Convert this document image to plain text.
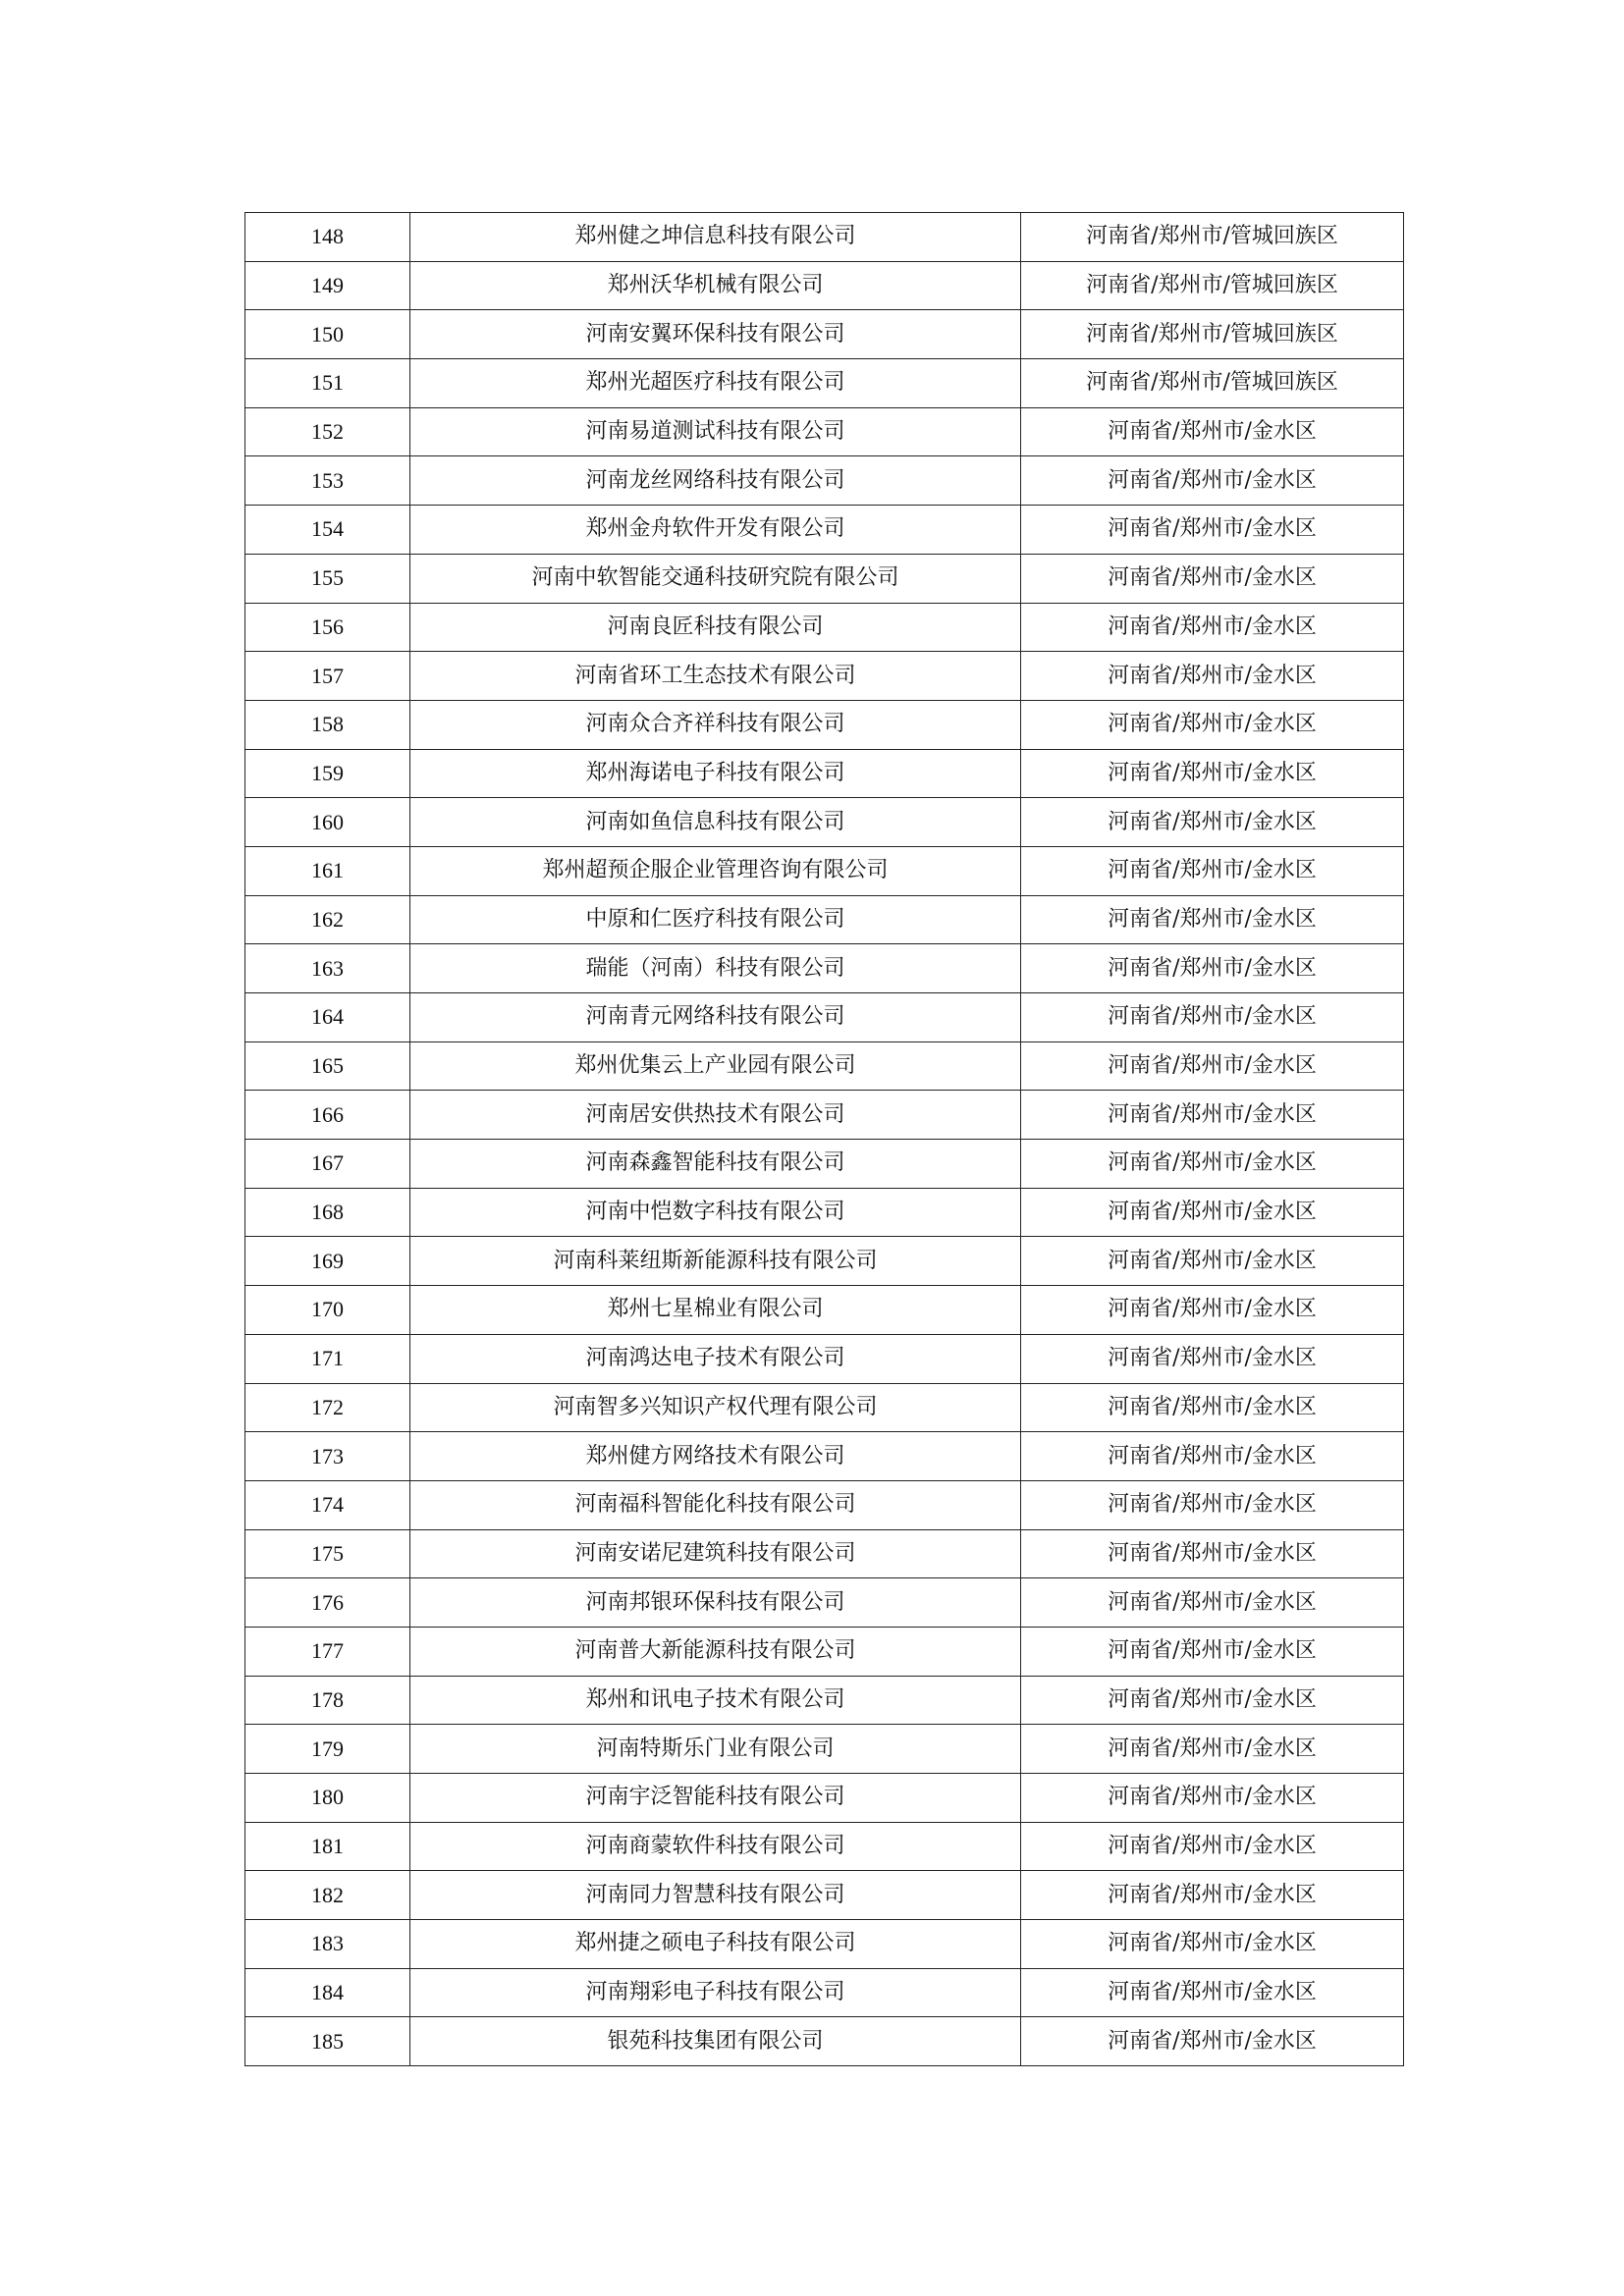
148	郑州健之坤信息科技有限公司	河南省/郑州市/管城回族区
149	郑州沃华机械有限公司	河南省/郑州市/管城回族区
150	河南安翼环保科技有限公司	河南省/郑州市/管城回族区
151	郑州光超医疗科技有限公司	河南省/郑州市/管城回族区
152	河南易道测试科技有限公司	河南省/郑州市/金水区
153	河南龙丝网络科技有限公司	河南省/郑州市/金水区
154	郑州金舟软件开发有限公司	河南省/郑州市/金水区
155	河南中软智能交通科技研究院有限公司	河南省/郑州市/金水区
156	河南良匠科技有限公司	河南省/郑州市/金水区
157	河南省环工生态技术有限公司	河南省/郑州市/金水区
158	河南众合齐祥科技有限公司	河南省/郑州市/金水区
159	郑州海诺电子科技有限公司	河南省/郑州市/金水区
160	河南如鱼信息科技有限公司	河南省/郑州市/金水区
161	郑州超预企服企业管理咨询有限公司	河南省/郑州市/金水区
162	中原和仁医疗科技有限公司	河南省/郑州市/金水区
163	瑞能（河南）科技有限公司	河南省/郑州市/金水区
164	河南青元网络科技有限公司	河南省/郑州市/金水区
165	郑州优集云上产业园有限公司	河南省/郑州市/金水区
166	河南居安供热技术有限公司	河南省/郑州市/金水区
167	河南森鑫智能科技有限公司	河南省/郑州市/金水区
168	河南中恺数字科技有限公司	河南省/郑州市/金水区
169	河南科莱纽斯新能源科技有限公司	河南省/郑州市/金水区
170	郑州七星棉业有限公司	河南省/郑州市/金水区
171	河南鸿达电子技术有限公司	河南省/郑州市/金水区
172	河南智多兴知识产权代理有限公司	河南省/郑州市/金水区
173	郑州健方网络技术有限公司	河南省/郑州市/金水区
174	河南福科智能化科技有限公司	河南省/郑州市/金水区
175	河南安诺尼建筑科技有限公司	河南省/郑州市/金水区
176	河南邦银环保科技有限公司	河南省/郑州市/金水区
177	河南普大新能源科技有限公司	河南省/郑州市/金水区
178	郑州和讯电子技术有限公司	河南省/郑州市/金水区
179	河南特斯乐门业有限公司	河南省/郑州市/金水区
180	河南宇泛智能科技有限公司	河南省/郑州市/金水区
181	河南商蒙软件科技有限公司	河南省/郑州市/金水区
182	河南同力智慧科技有限公司	河南省/郑州市/金水区
183	郑州捷之硕电子科技有限公司	河南省/郑州市/金水区
184	河南翔彩电子科技有限公司	河南省/郑州市/金水区
185	银苑科技集团有限公司	河南省/郑州市/金水区
